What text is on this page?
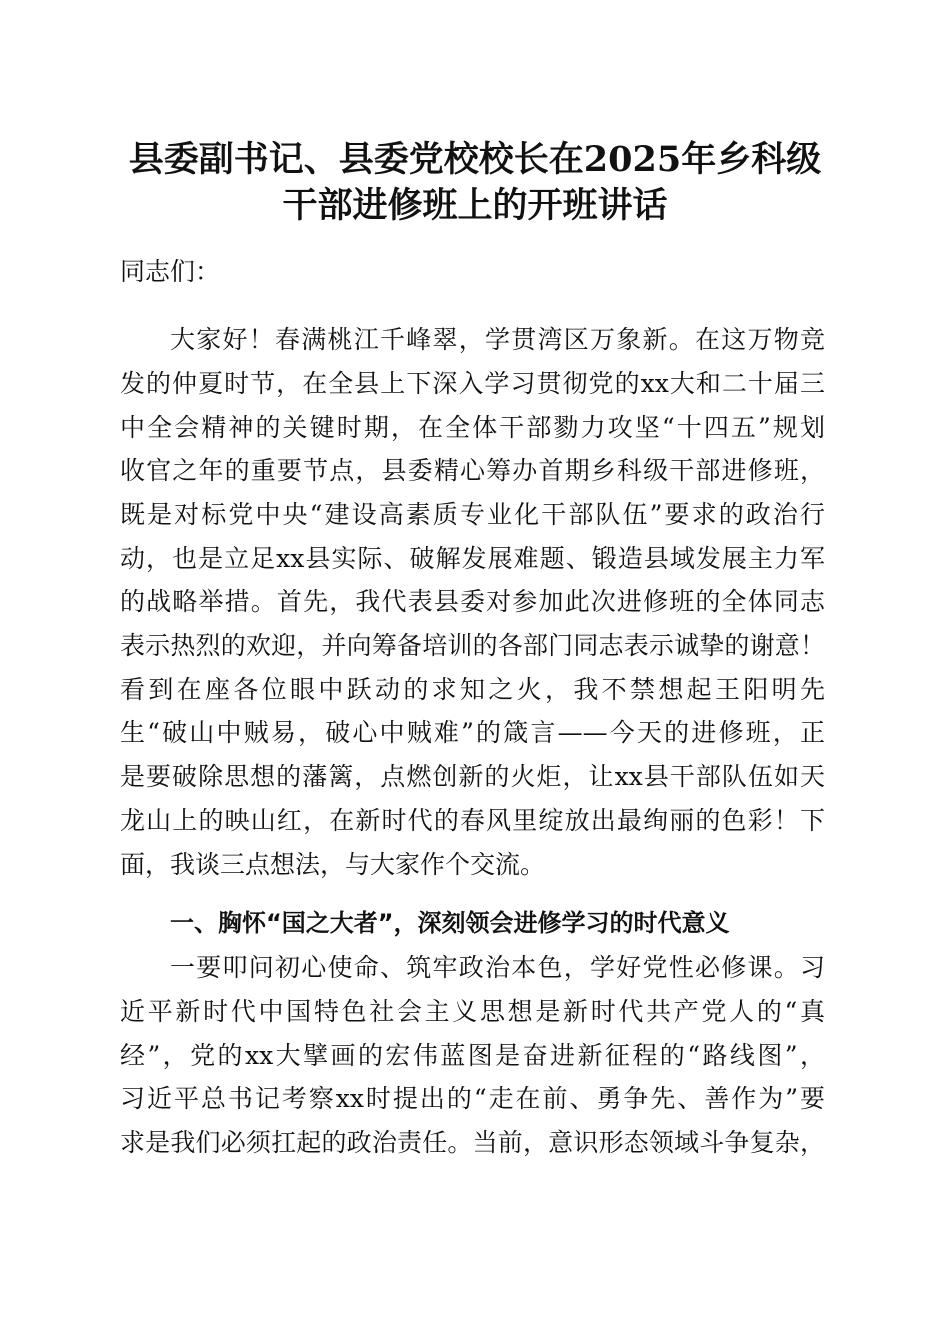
县委副书记、县委党校校长在2025年乡科级
干部进修班上的开班讲话
同志们：
大家好！春满桃江千峰翠，学贯湾区万象新。在这万物竞
发的仲夏时节，在全县上下深入学习贯彻党的xx大和二十届三
中全会精神的关键时期，在全体干部勠力攻坚“十四五”规划
收官之年的重要节点，县委精心筹办首期乡科级干部进修班，
既是对标党中央“建设高素质专业化干部队伍”要求的政治行
动，也是立足xx县实际、破解发展难题、锻造县域发展主力军
的战略举措。首先，我代表县委对参加此次进修班的全体同志
表示热烈的欢迎，并向筹备培训的各部门同志表示诚挚的谢意！
看到在座各位眼中跃动的求知之火，我不禁想起王阳明先
生“破山中贼易，破心中贼难”的箴言——今天的进修班，正
是要破除思想的藩篱，点燃创新的火炬，让xx县干部队伍如天
龙山上的映山红，在新时代的春风里绽放出最绚丽的色彩！下
面，我谈三点想法，与大家作个交流。
一、胸怀“国之大者”，深刻领会进修学习的时代意义
一要叩问初心使命、筑牢政治本色，学好党性必修课。习
近平新时代中国特色社会主义思想是新时代共产党人的“真
经”，党的xx大擘画的宏伟蓝图是奋进新征程的“路线图”，
习近平总书记考察xx时提出的“走在前、勇争先、善作为”要
求是我们必须扛起的政治责任。当前，意识形态领域斗争复杂，
